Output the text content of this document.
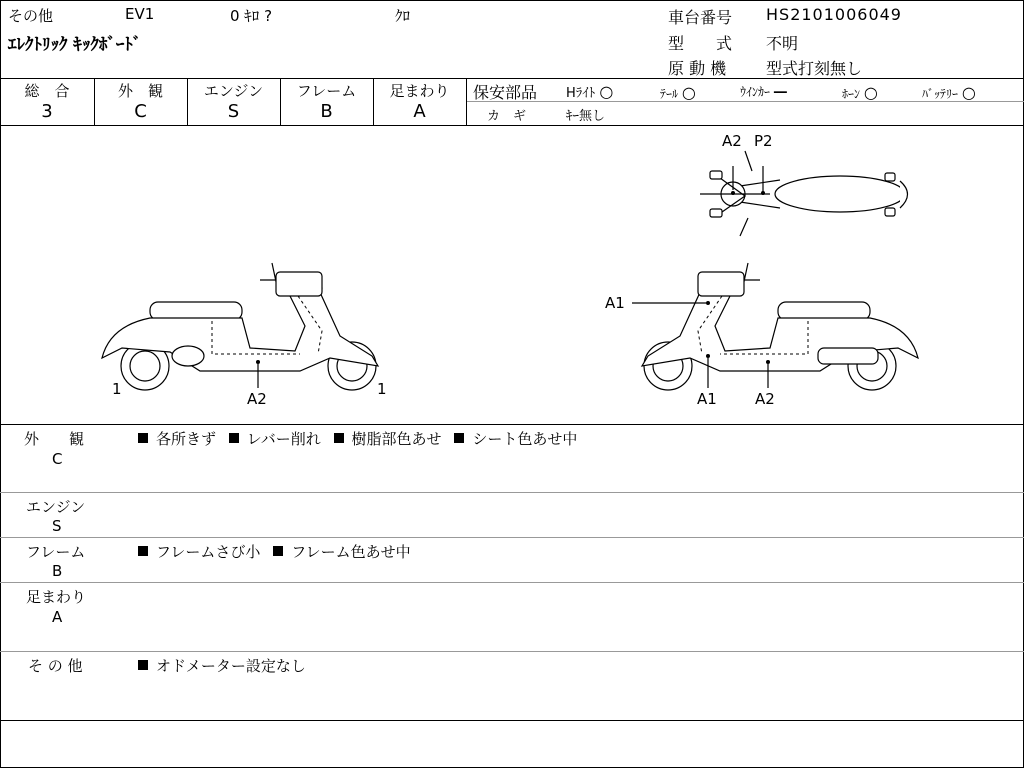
その他	EV1	0 ｷﾛ ?	ｸﾛ
ｴﾚｸﾄﾘｯｸ ｷｯｸﾎﾞｰﾄﾞ
車台番号 HS2101006049
型　　式 不明
原 動 機 型式打刻無し
総　合	外　観	エンジン	フレーム	足まわり
3	C	S	B	A
保安部品 Hﾗｲﾄ ○	ﾃｰﾙ ○	ｳｲﾝｶｰ ―	ﾎｰﾝ ○	ﾊﾞｯﾃﾘｰ ○
カ　ギ	ｷｰ無し
A2 P2
1
A2
1
A1
A1	A2
外　　観
C
各所きず レバー削れ 樹脂部色あせ シート色あせ中
エンジン
S
フレーム
B
フレームさび小 フレーム色あせ中
足まわり
A
そ の 他	オドメーター設定なし
